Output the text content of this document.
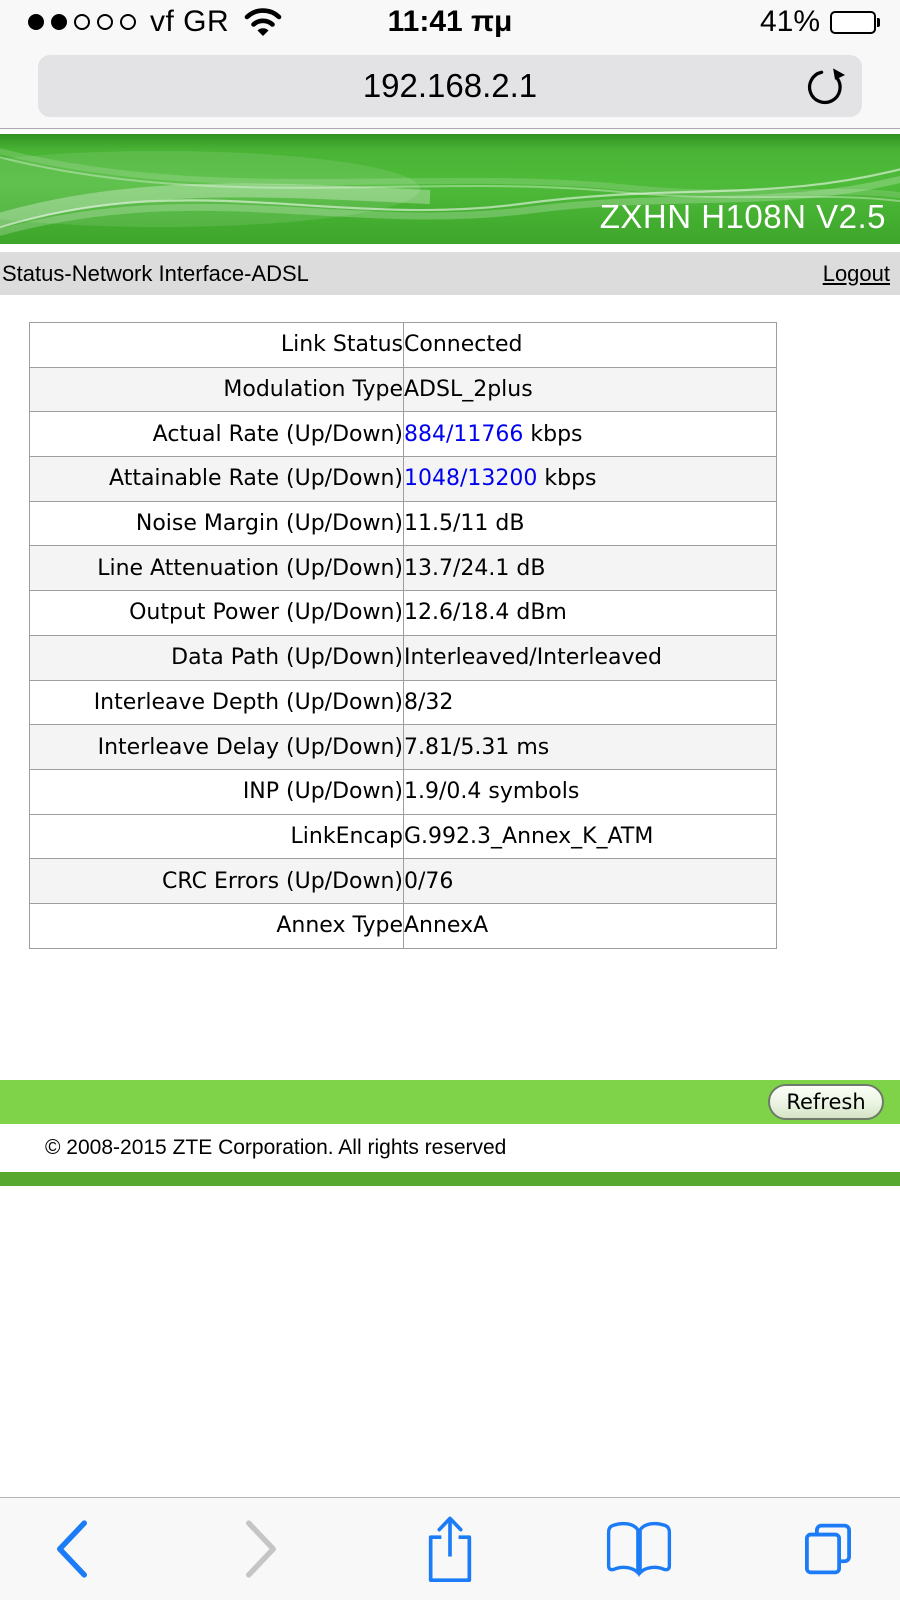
vf GR	11:41 πμ	41%
192.168.2.1
ZXHN H108N V2.5
Status-Network Interface-ADSL	Logout
Link Status	Connected
Modulation Type	ADSL_2plus
Actual Rate (Up/Down)	884/11766 kbps
Attainable Rate (Up/Down)	1048/13200 kbps
Noise Margin (Up/Down)	11.5/11 dB
Line Attenuation (Up/Down)	13.7/24.1 dB
Output Power (Up/Down)	12.6/18.4 dBm
Data Path (Up/Down)	Interleaved/Interleaved
Interleave Depth (Up/Down)	8/32
Interleave Delay (Up/Down)	7.81/5.31 ms
INP (Up/Down)	1.9/0.4 symbols
LinkEncap	G.992.3_Annex_K_ATM
CRC Errors (Up/Down)	0/76
Annex Type	AnnexA
Refresh
© 2008-2015 ZTE Corporation. All rights reserved
